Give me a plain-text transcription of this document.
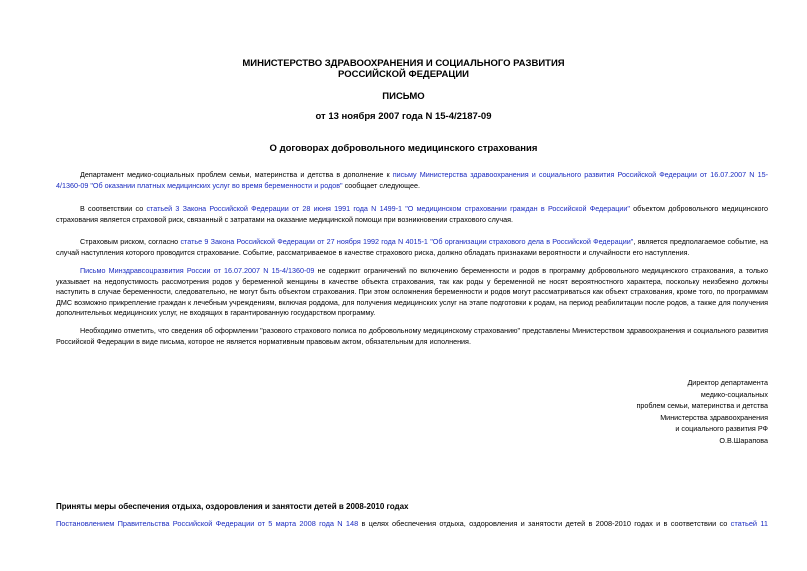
МИНИСТЕРСТВО ЗДРАВООХРАНЕНИЯ И СОЦИАЛЬНОГО РАЗВИТИЯ
РОССИЙСКОЙ ФЕДЕРАЦИИ
ПИСЬМО
от 13 ноября 2007 года N 15-4/2187-09
О договорах добровольного медицинского страхования
Департамент медико-социальных проблем семьи, материнства и детства в дополнение к письму Министерства здравоохранения и социального развития Российской Федерации от 16.07.2007 N 15-4/1360-09 "Об оказании платных медицинских услуг во время беременности и родов" сообщает следующее.
В соответствии со статьей 3 Закона Российской Федерации от 28 июня 1991 года N 1499-1 "О медицинском страховании граждан в Российской Федерации" объектом добровольного медицинского страхования является страховой риск, связанный с затратами на оказание медицинской помощи при возникновении страхового случая.
Страховым риском, согласно статье 9 Закона Российской Федерации от 27 ноября 1992 года N 4015-1 "Об организации страхового дела в Российской Федерации", является предполагаемое событие, на случай наступления которого проводится страхование. Событие, рассматриваемое в качестве страхового риска, должно обладать признаками вероятности и случайности его наступления.
Письмо Минздравсоцразвития России от 16.07.2007 N 15-4/1360-09 не содержит ограничений по включению беременности и родов в программу добровольного медицинского страхования, а только указывает на недопустимость рассмотрения родов у беременной женщины в качестве объекта страхования, так как роды у беременной не носят вероятностного характера, поскольку неизбежно должны наступить в случае беременности, следовательно, не могут быть объектом страхования. При этом осложнения беременности и родов могут рассматриваться как объект страхования, кроме того, по программам ДМС возможно прикрепление граждан к лечебным учреждениям, включая роддома, для получения медицинских услуг на этапе подготовки к родам, на период реабилитации после родов, а также для получения дополнительных медицинских услуг, не входящих в гарантированную государством программу.
Необходимо отметить, что сведения об оформлении "разового страхового полиса по добровольному медицинскому страхованию" представлены Министерством здравоохранения и социального развития Российской Федерации в виде письма, которое не является нормативным правовым актом, обязательным для исполнения.
Директор департамента
медико-социальных
проблем семьи, материнства и детства
Министерства здравоохранения
и социального развития РФ
О.В.Шарапова
Приняты меры обеспечения отдыха, оздоровления и занятости детей в 2008-2010 годах
Постановлением Правительства Российской Федерации от 5 марта 2008 года N 148 в целях обеспечения отдыха, оздоровления и занятости детей в 2008-2010 годах и в соответствии со статьей 11
